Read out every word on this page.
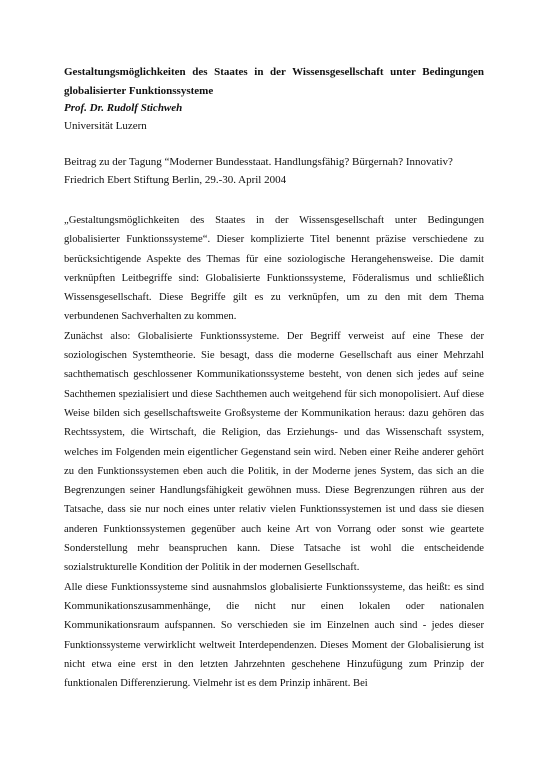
Gestaltungsmöglichkeiten des Staates in der Wissensgesellschaft unter Bedingungen
globalisierter Funktionssysteme
Prof. Dr. Rudolf Stichweh
Universität Luzern
Beitrag zu der Tagung “Moderner Bundesstaat. Handlungsfähig? Bürgernah? Innovativ?
Friedrich Ebert Stiftung Berlin, 29.-30. April 2004

„Gestaltungsmöglichkeiten des Staates in der Wissensgesellschaft unter Bedingungen globalisierter Funktionssysteme“. Dieser komplizierte Titel benennt präzise verschiedene zu berücksichtigende Aspekte des Themas für eine soziologische Herangehensweise. Die damit verknüpften Leitbegriffe sind: Globalisierte Funktionssysteme, Föderalismus und schließlich Wissensgesellschaft. Diese Begriffe gilt es zu verknüpfen, um zu den mit dem Thema verbundenen Sachverhalten zu kommen.

Zunächst also: Globalisierte Funktionssysteme. Der Begriff verweist auf eine These der soziologischen Systemtheorie. Sie besagt, dass die moderne Gesellschaft aus einer Mehrzahl sachthematisch geschlossener Kommunikationssysteme besteht, von denen sich jedes auf seine Sachthemen spezialisiert und diese Sachthemen auch weitgehend für sich monopolisiert. Auf diese Weise bilden sich gesellschaftsweite Großsysteme der Kommunikation heraus: dazu gehören das Rechtssystem, die Wirtschaft, die Religion, das Erziehungs- und das Wissenschaft ssystem, welches im Folgenden mein eigentlicher Gegenstand sein wird. Neben einer Reihe anderer gehört zu den Funktionssystemen eben auch die Politik, in der Moderne jenes System, das sich an die Begrenzungen seiner Handlungsfähigkeit gewöhnen muss. Diese Begrenzungen rühren aus der Tatsache, dass sie nur noch eines unter relativ vielen Funktionssystemen ist und dass sie diesen anderen Funktionssystemen gegenüber auch keine Art von Vorrang oder sonst wie geartete Sonderstellung mehr beanspruchen kann. Diese Tatsache ist wohl die entscheidende sozialstrukturelle Kondition der Politik in der modernen Gesellschaft.

Alle diese Funktionssysteme sind ausnahmslos globalisierte Funktionssysteme, das heißt: es sind Kommunikationszusammenhänge, die nicht nur einen lokalen oder nationalen Kommunikationsraum aufspannen. So verschieden sie im Einzelnen auch sind - jedes dieser Funktionssysteme verwirklicht weltweit Interdependenzen. Dieses Moment der Globalisierung ist nicht etwa eine erst in den letzten Jahrzehnten geschehene Hinzufügung zum Prinzip der funktionalen Differenzierung. Vielmehr ist es dem Prinzip inhärent. Bei
